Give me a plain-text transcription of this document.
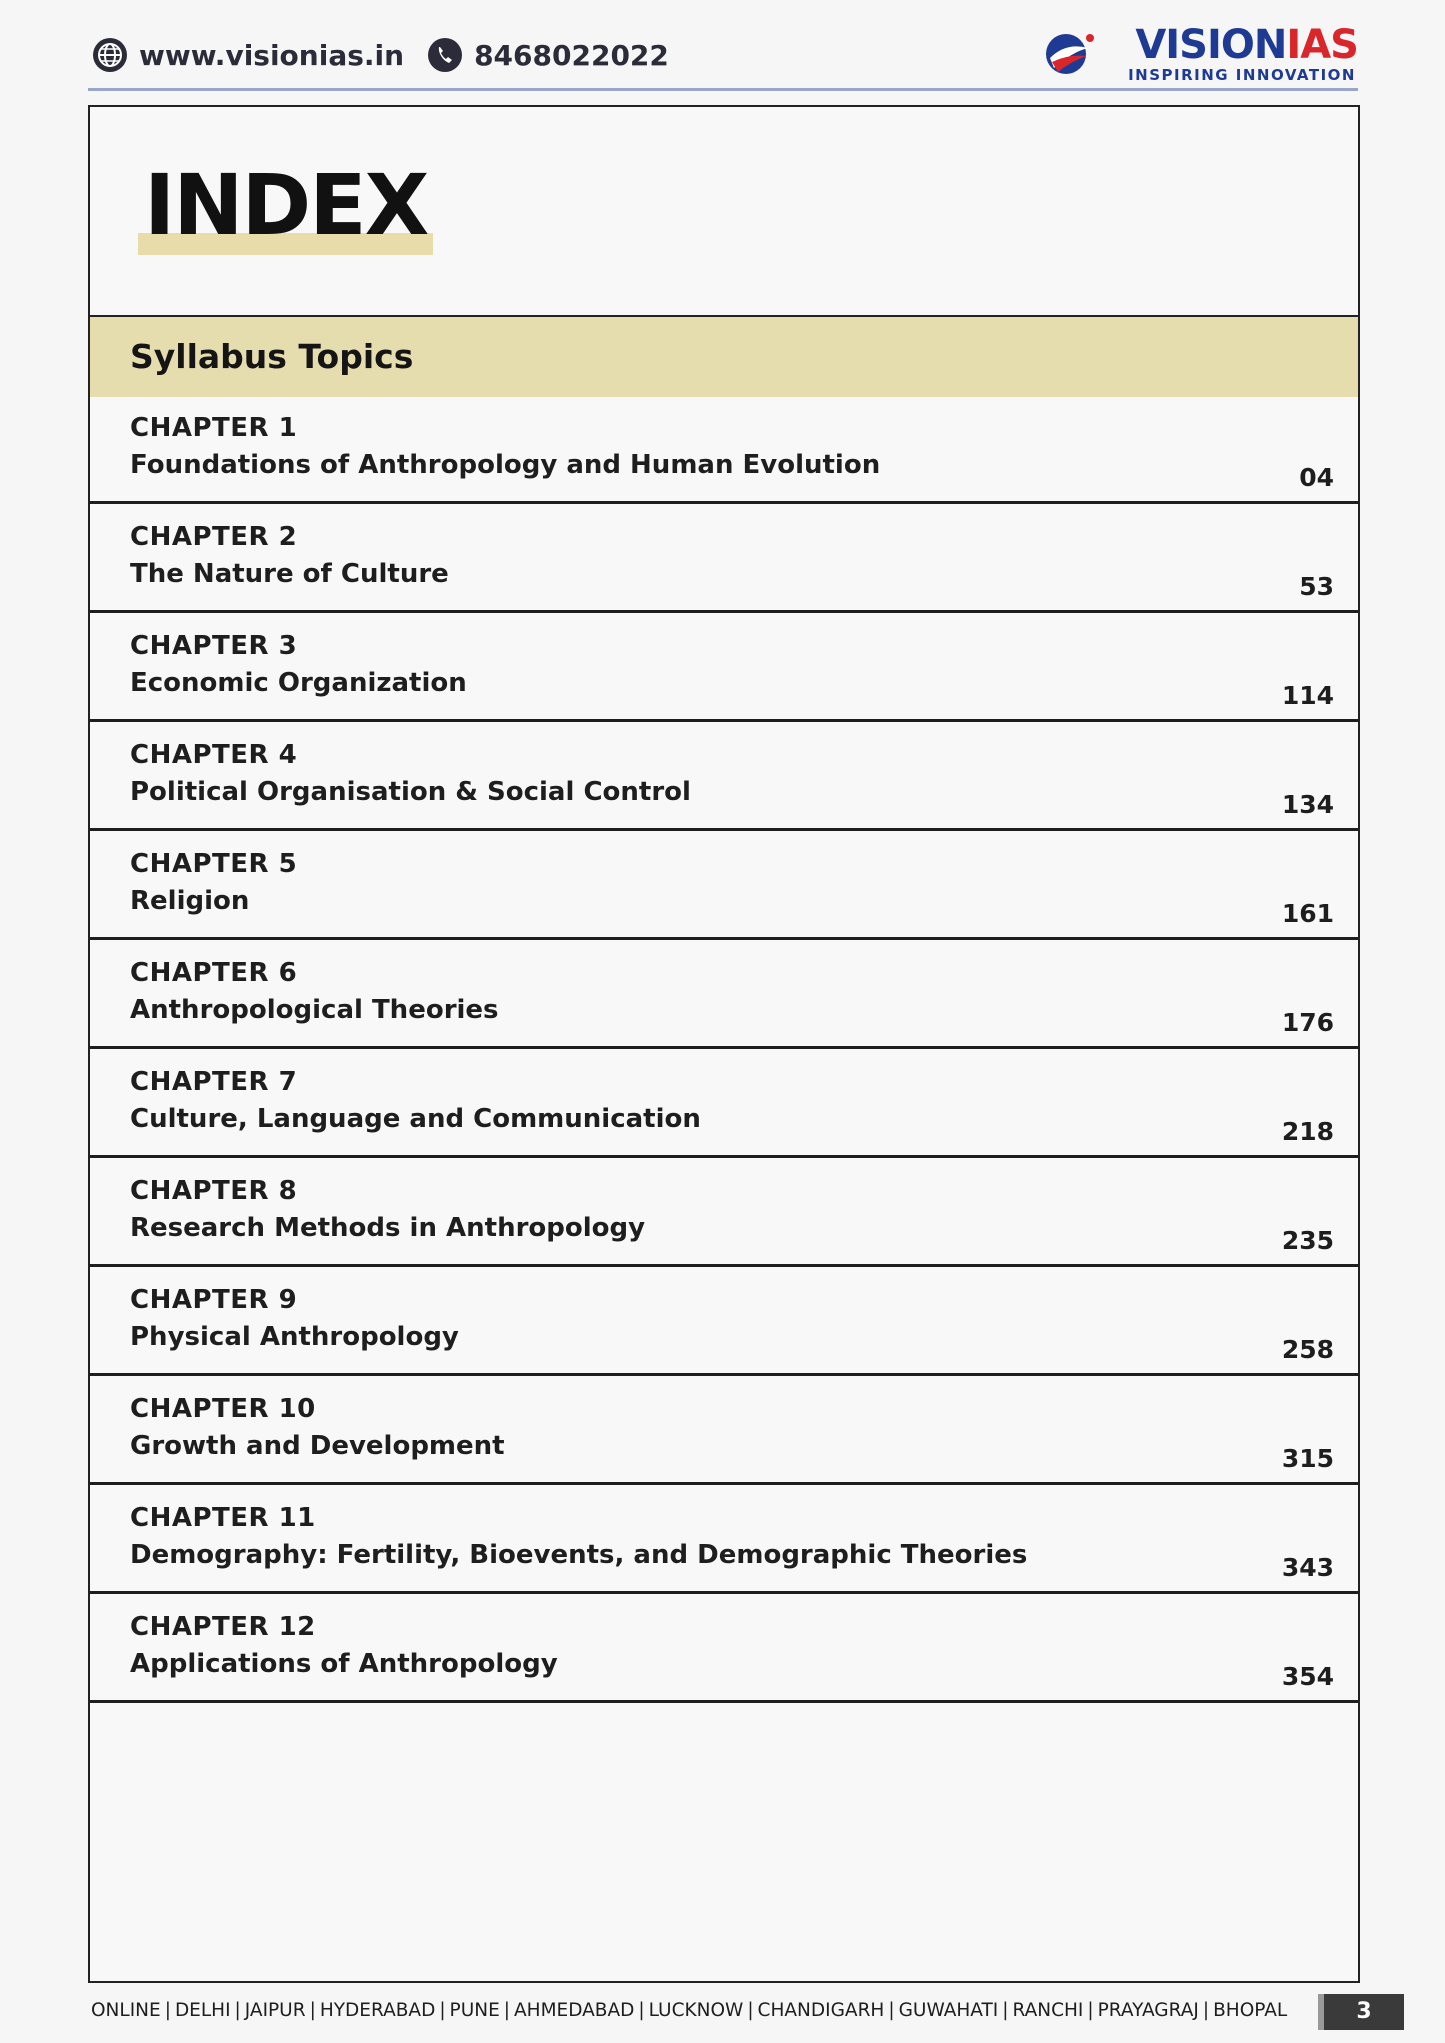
www.visionias.in	8468022022	VISIONIAS
INSPIRING INNOVATION
INDEX
Syllabus Topics
CHAPTER 1
Foundations of Anthropology and Human Evolution	04
CHAPTER 2
The Nature of Culture	53
CHAPTER 3
Economic Organization	114
CHAPTER 4
Political Organisation & Social Control	134
CHAPTER 5
Religion	161
CHAPTER 6
Anthropological Theories	176
CHAPTER 7
Culture, Language and Communication	218
CHAPTER 8
Research Methods in Anthropology	235
CHAPTER 9
Physical Anthropology	258
CHAPTER 10
Growth and Development	315
CHAPTER 11
Demography: Fertility, Bioevents, and Demographic Theories	343
CHAPTER 12
Applications of Anthropology	354
ONLINE | DELHI | JAIPUR | HYDERABAD | PUNE | AHMEDABAD | LUCKNOW | CHANDIGARH | GUWAHATI | RANCHI | PRAYAGRAJ | BHOPAL	3
